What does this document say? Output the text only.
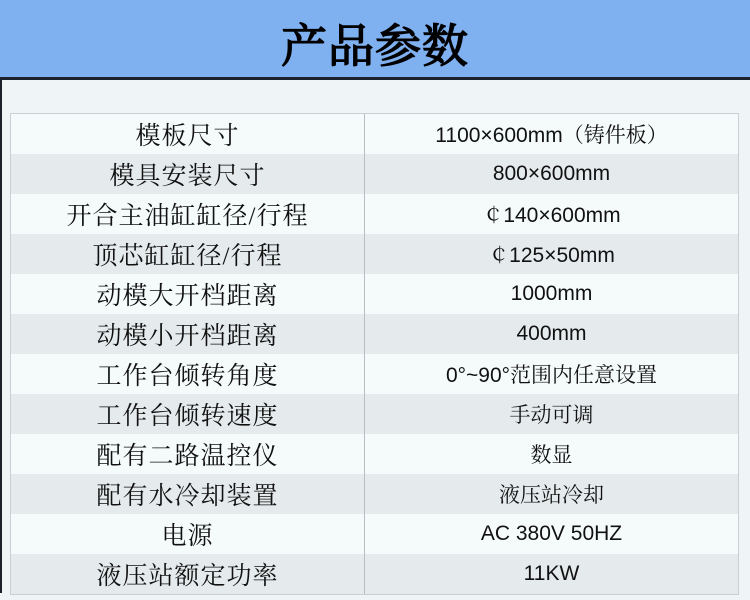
产品参数
模板尺寸	1100×600mm（铸件板）
模具安装尺寸	800×600mm
开合主油缸缸径/行程	￠140×600mm
顶芯缸缸径/行程	￠125×50mm
动模大开档距离	1000mm
动模小开档距离	400mm
工作台倾转角度	0°~90°范围内任意设置
工作台倾转速度	手动可调
配有二路温控仪	数显
配有水冷却装置	液压站冷却
电源	AC 380V 50HZ
液压站额定功率	11KW
